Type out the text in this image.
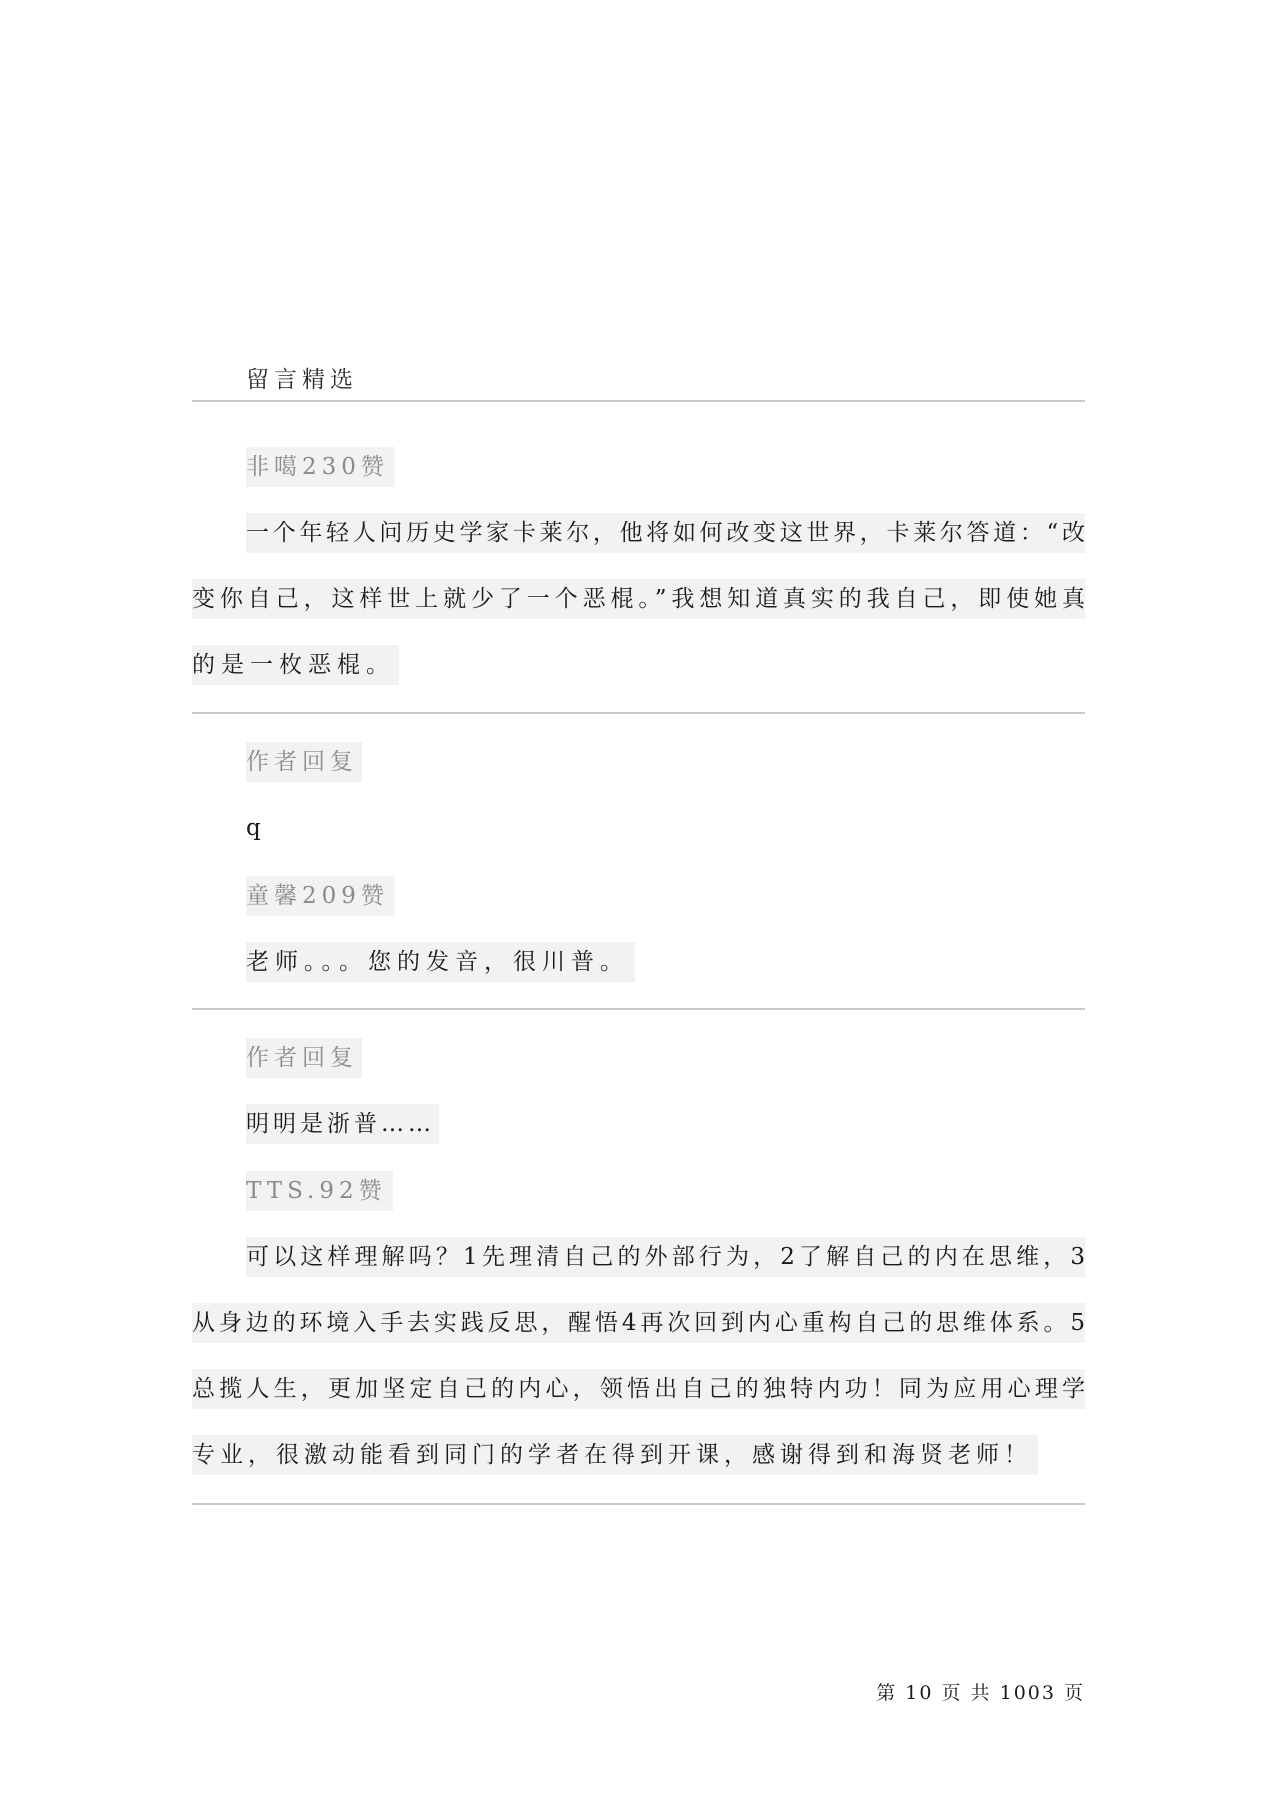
留言精选
非噶230赞
一个年轻人问历史学家卡莱尔，他将如何改变这世界，卡莱尔答道：“改
变你自己，这样世上就少了一个恶棍。”我想知道真实的我自己，即使她真
的是一枚恶棍。
作者回复
q
童馨209赞
老师。。。您的发音，很川普。
作者回复
明明是浙普……
TTS.92赞
可以这样理解吗？1先理清自己的外部行为，2了解自己的内在思维，3
从身边的环境入手去实践反思，醒悟4再次回到内心重构自己的思维体系。5
总揽人生，更加坚定自己的内心，领悟出自己的独特内功！同为应用心理学
专业，很激动能看到同门的学者在得到开课，感谢得到和海贤老师！
第 10 页 共 1003 页
